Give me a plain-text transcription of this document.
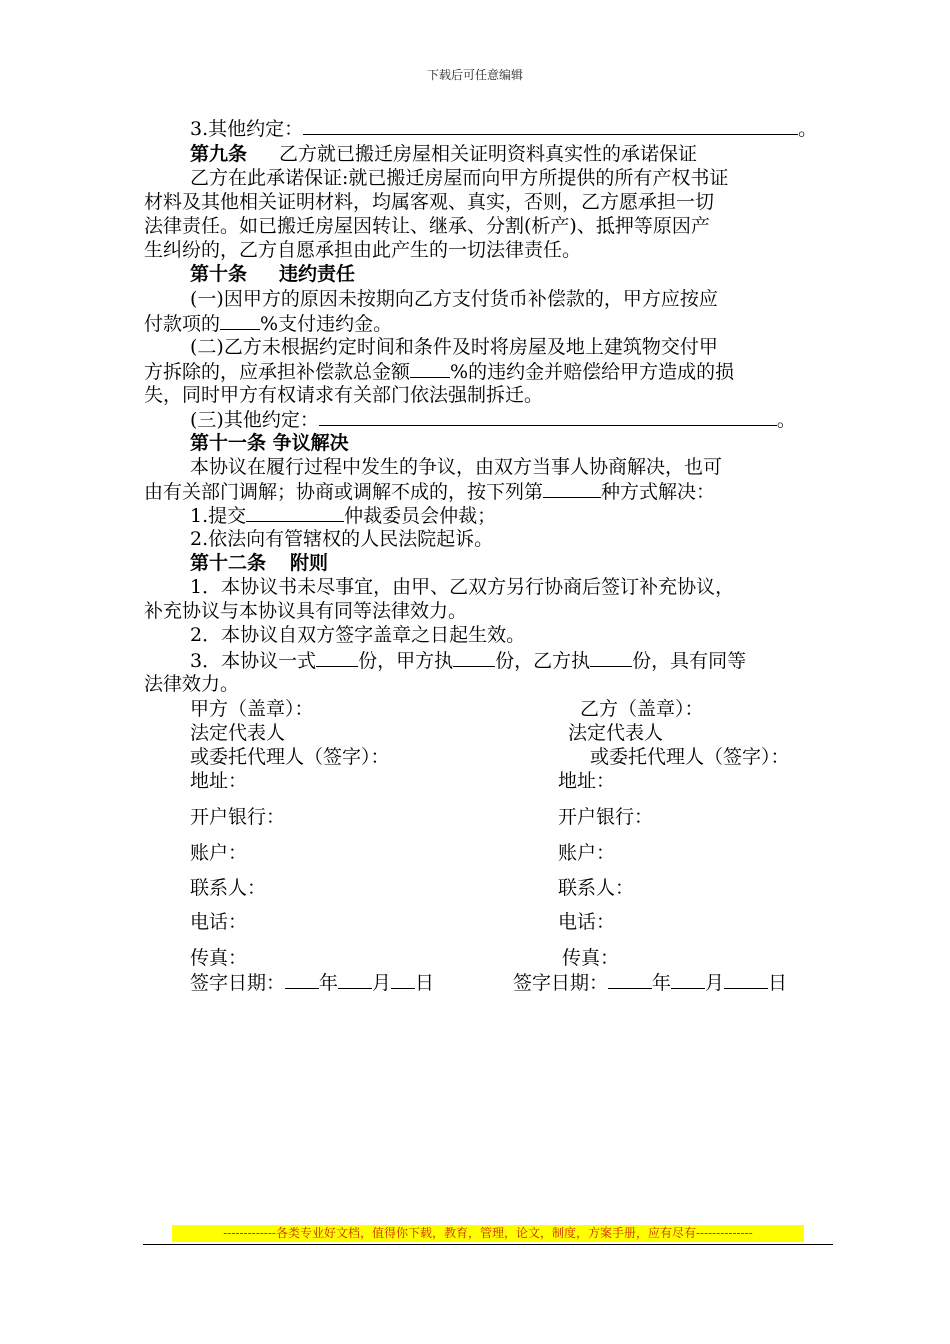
下载后可任意编辑
3.其他约定：	。
第九条 乙方就已搬迁房屋相关证明资料真实性的承诺保证
乙方在此承诺保证:就已搬迁房屋而向甲方所提供的所有产权书证
材料及其他相关证明材料，均属客观、真实，否则，乙方愿承担一切
法律责任。如已搬迁房屋因转让、继承、分割(析产)、抵押等原因产
生纠纷的，乙方自愿承担由此产生的一切法律责任。
第十条 违约责任
(一)因甲方的原因未按期向乙方支付货币补偿款的，甲方应按应
付款项的 %支付违约金。
(二)乙方未根据约定时间和条件及时将房屋及地上建筑物交付甲
方拆除的，应承担补偿款总金额 %的违约金并赔偿给甲方造成的损
失，同时甲方有权请求有关部门依法强制拆迁。
(三)其他约定：	。
第十一条 争议解决
本协议在履行过程中发生的争议，由双方当事人协商解决，也可
由有关部门调解；协商或调解不成的，按下列第	种方式解决：
1.提交	仲裁委员会仲裁；
2.依法向有管辖权的人民法院起诉。
第十二条 附则
1．本协议书未尽事宜，由甲、乙双方另行协商后签订补充协议，
补充协议与本协议具有同等法律效力。
2．本协议自双方签字盖章之日起生效。
3．本协议一式 份，甲方执 份，乙方执 份，具有同等
法律效力。
甲方（盖章）：
法定代表人
或委托代理人（签字）：
地址：
开户银行：
账户：
联系人：
电话：
传真：
签字日期： 年 月 日
乙方（盖章）：
法定代表人
或委托代理人（签字）：
地址：
开户银行：
账户：
联系人：
电话：
传真：
签字日期： 年 月 日
-------------各类专业好文档，值得你下载，教育，管理，论文，制度，方案手册，应有尽有--------------
